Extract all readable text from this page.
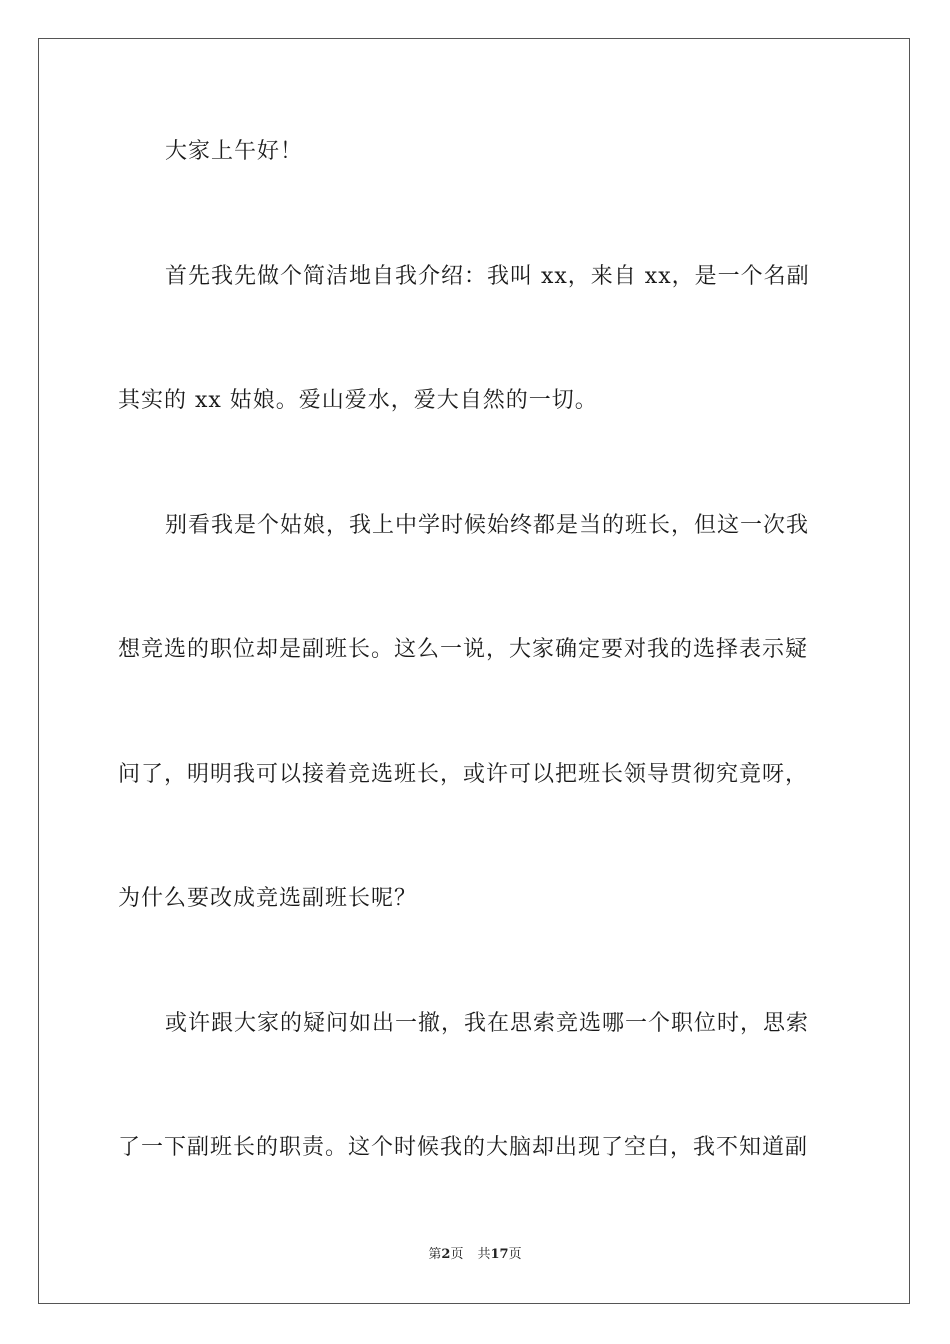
大家上午好！
首先我先做个简洁地自我介绍：我叫 xx，来自 xx，是一个名副
其实的 xx 姑娘。爱山爱水，爱大自然的一切。
别看我是个姑娘，我上中学时候始终都是当的班长，但这一次我
想竞选的职位却是副班长。这么一说，大家确定要对我的选择表示疑
问了，明明我可以接着竞选班长，或许可以把班长领导贯彻究竟呀，
为什么要改成竞选副班长呢？
或许跟大家的疑问如出一撤，我在思索竞选哪一个职位时，思索
了一下副班长的职责。这个时候我的大脑却出现了空白，我不知道副
第2页 共17页
